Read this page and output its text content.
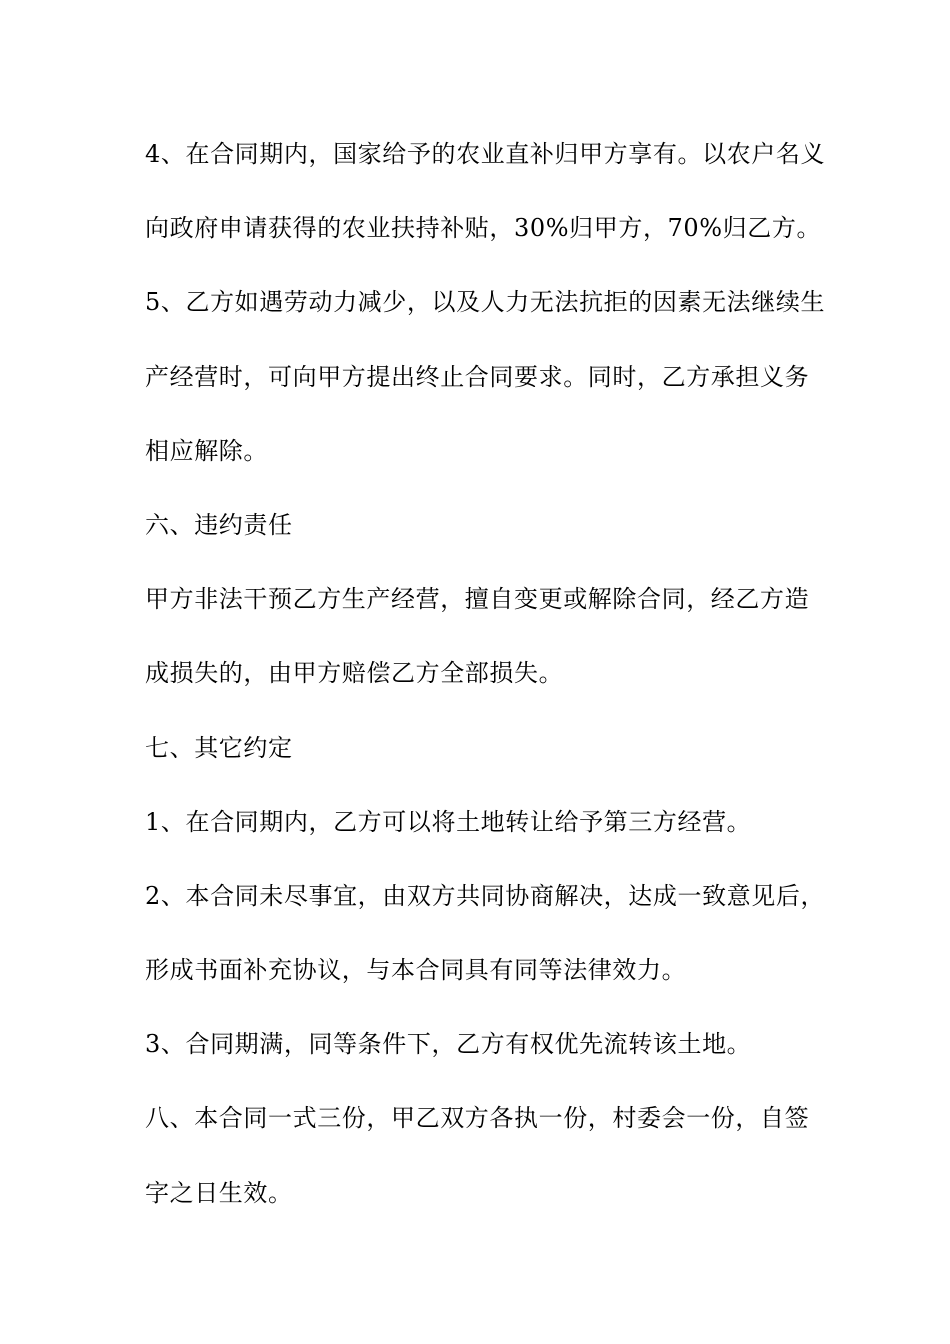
4、在合同期内，国家给予的农业直补归甲方享有。以农户名义
向政府申请获得的农业扶持补贴，30%归甲方，70%归乙方。
5、乙方如遇劳动力减少，以及人力无法抗拒的因素无法继续生
产经营时，可向甲方提出终止合同要求。同时，乙方承担义务
相应解除。
六、违约责任
甲方非法干预乙方生产经营，擅自变更或解除合同，经乙方造
成损失的，由甲方赔偿乙方全部损失。
七、其它约定
1、在合同期内，乙方可以将土地转让给予第三方经营。
2、本合同未尽事宜，由双方共同协商解决，达成一致意见后，
形成书面补充协议，与本合同具有同等法律效力。
3、合同期满，同等条件下，乙方有权优先流转该土地。
八、本合同一式三份，甲乙双方各执一份，村委会一份，自签
字之日生效。
